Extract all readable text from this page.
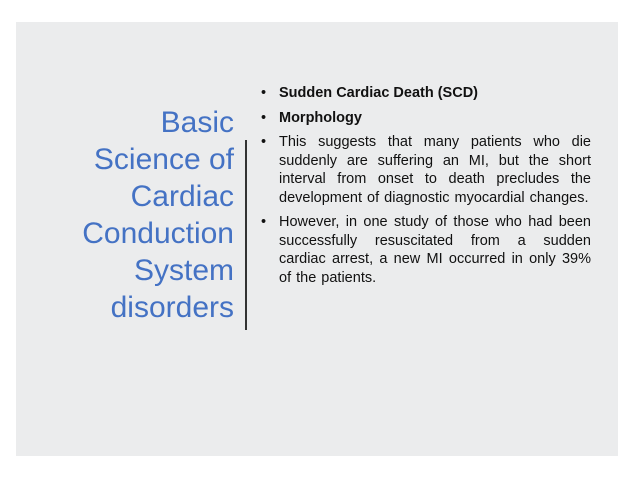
Basic
Science of
Cardiac
Conduction
System
disorders
• Sudden Cardiac Death (SCD)
• Morphology
• This suggests that many patients who die suddenly are suffering an MI, but the short interval from onset to death precludes the development of diagnostic myocardial changes.
• However, in one study of those who had been successfully resuscitated from a sudden cardiac arrest, a new MI occurred in only 39% of the patients.
